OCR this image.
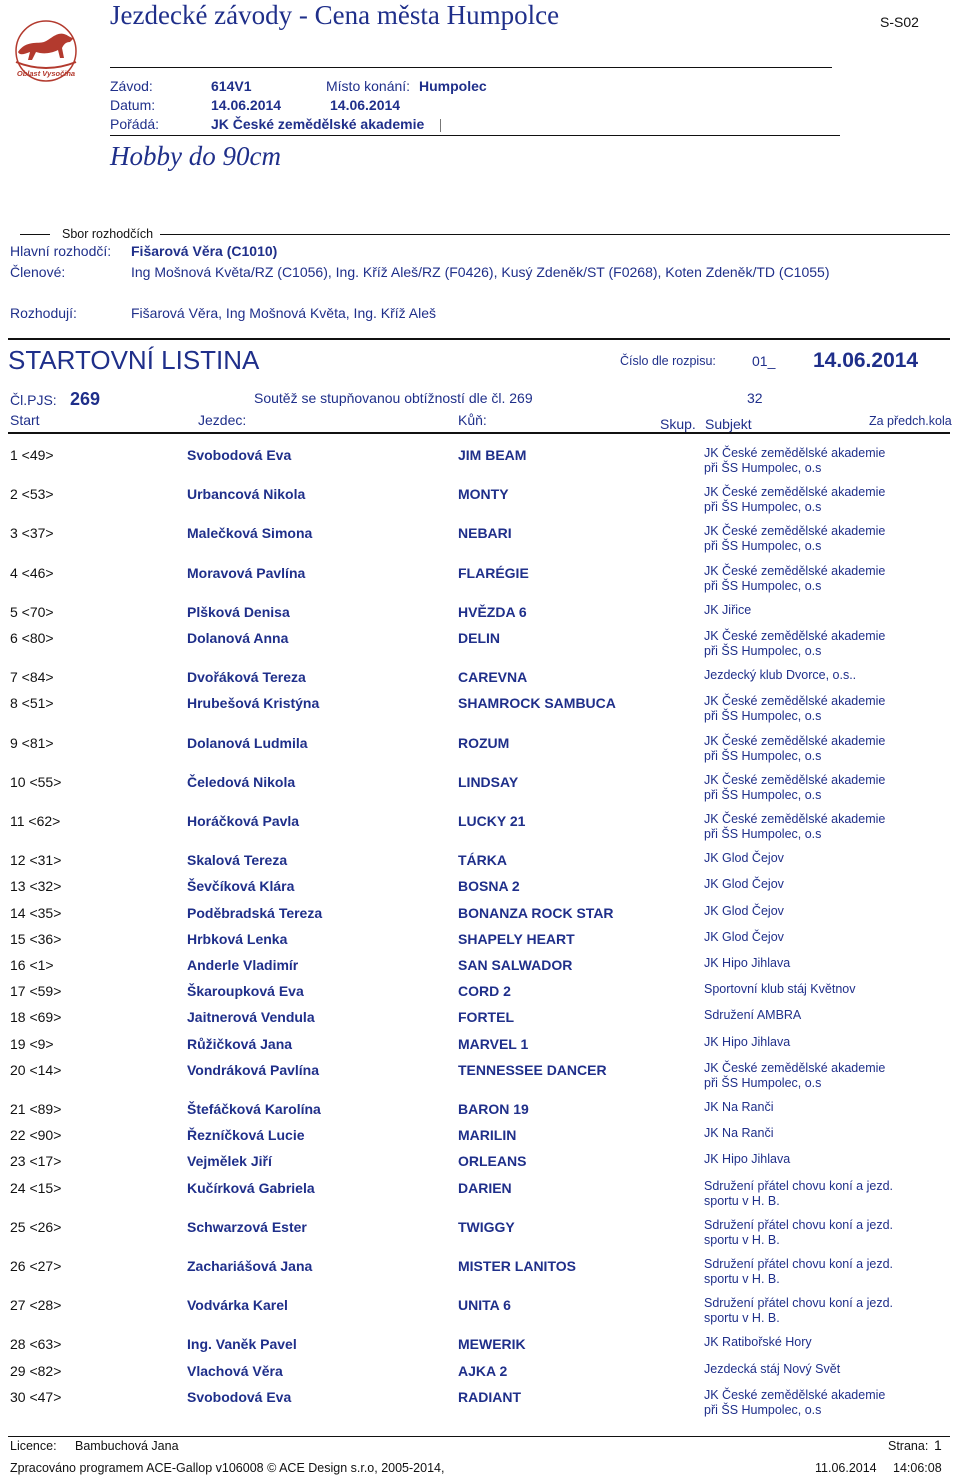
Jezdecké závody - Cena města Humpolce	S-S02
Oblast Vysočina
Závod:	614V1	Místo konání: Humpolec
Datum:	14.06.2014	14.06.2014
Pořádá:	JK České zemědělské akademie
Hobby do 90cm
Sbor rozhodčích
Hlavní rozhodčí: Fišarová Věra (C1010)
Členové:	Ing Mošnová Květa/RZ (C1056), Ing. Kříž Aleš/RZ (F0426), Kusý Zdeněk/ST (F0268), Koten Zdeněk/TD (C1055)
Rozhodují:	Fišarová Věra, Ing Mošnová Květa, Ing. Kříž Aleš
STARTOVNÍ LISTINA	Číslo dle rozpisu:	01_ 14.06.2014
Čl.PJS: 269	Soutěž se stupňovanou obtížností dle čl. 269	32
Start	Jezdec:	Kůň:	Skup. Subjekt	Za předch.kola
1 <49>	Svobodová Eva	JIM BEAM	JK České zemědělské akademie
při ŠS Humpolec, o.s
2 <53>	Urbancová Nikola	MONTY	JK České zemědělské akademie
při ŠS Humpolec, o.s
3 <37>	Malečková Simona	NEBARI	JK České zemědělské akademie
při ŠS Humpolec, o.s
4 <46>	Moravová Pavlína	FLARÉGIE	JK České zemědělské akademie
při ŠS Humpolec, o.s
5 <70>	Plšková Denisa	HVĚZDA 6	JK Jiřice
6 <80>	Dolanová Anna	DELIN	JK České zemědělské akademie
při ŠS Humpolec, o.s
7 <84>	Dvořáková Tereza	CAREVNA	Jezdecký klub Dvorce, o.s..
8 <51>	Hrubešová Kristýna	SHAMROCK SAMBUCA	JK České zemědělské akademie
při ŠS Humpolec, o.s
9 <81>	Dolanová Ludmila	ROZUM	JK České zemědělské akademie
při ŠS Humpolec, o.s
10 <55>	Čeledová Nikola	LINDSAY	JK České zemědělské akademie
při ŠS Humpolec, o.s
11 <62>	Horáčková Pavla	LUCKY 21	JK České zemědělské akademie
při ŠS Humpolec, o.s
12 <31>	Skalová Tereza	TÁRKA	JK Glod Čejov
13 <32>	Ševčíková Klára	BOSNA 2	JK Glod Čejov
14 <35>	Poděbradská Tereza	BONANZA ROCK STAR	JK Glod Čejov
15 <36>	Hrbková Lenka	SHAPELY HEART	JK Glod Čejov
16 <1>	Anderle Vladimír	SAN SALWADOR	JK Hipo Jihlava
17 <59>	Škaroupková Eva	CORD 2	Sportovní klub stáj Květnov
18 <69>	Jaitnerová Vendula	FORTEL	Sdružení AMBRA
19 <9>	Růžičková Jana	MARVEL 1	JK Hipo Jihlava
20 <14>	Vondráková Pavlína	TENNESSEE DANCER	JK České zemědělské akademie
při ŠS Humpolec, o.s
21 <89>	Štefáčková Karolína	BARON 19	JK Na Ranči
22 <90>	Řezníčková Lucie	MARILIN	JK Na Ranči
23 <17>	Vejmělek Jiří	ORLEANS	JK Hipo Jihlava
24 <15>	Kučírková Gabriela	DARIEN	Sdružení přátel chovu koní a jezd.
sportu v H. B.
25 <26>	Schwarzová Ester	TWIGGY	Sdružení přátel chovu koní a jezd.
sportu v H. B.
26 <27>	Zachariášová Jana	MISTER LANITOS	Sdružení přátel chovu koní a jezd.
sportu v H. B.
27 <28>	Vodvárka Karel	UNITA 6	Sdružení přátel chovu koní a jezd.
sportu v H. B.
28 <63>	Ing. Vaněk Pavel	MEWERIK	JK Ratibořské Hory
29 <82>	Vlachová Věra	AJKA 2	Jezdecká stáj Nový Svět
30 <47>	Svobodová Eva	RADIANT	JK České zemědělské akademie
při ŠS Humpolec, o.s
Licence: Bambuchová Jana	Strana: 1
Zpracováno programem ACE-Gallop v106008 © ACE Design s.r.o, 2005-2014,	11.06.2014 14:06:08
